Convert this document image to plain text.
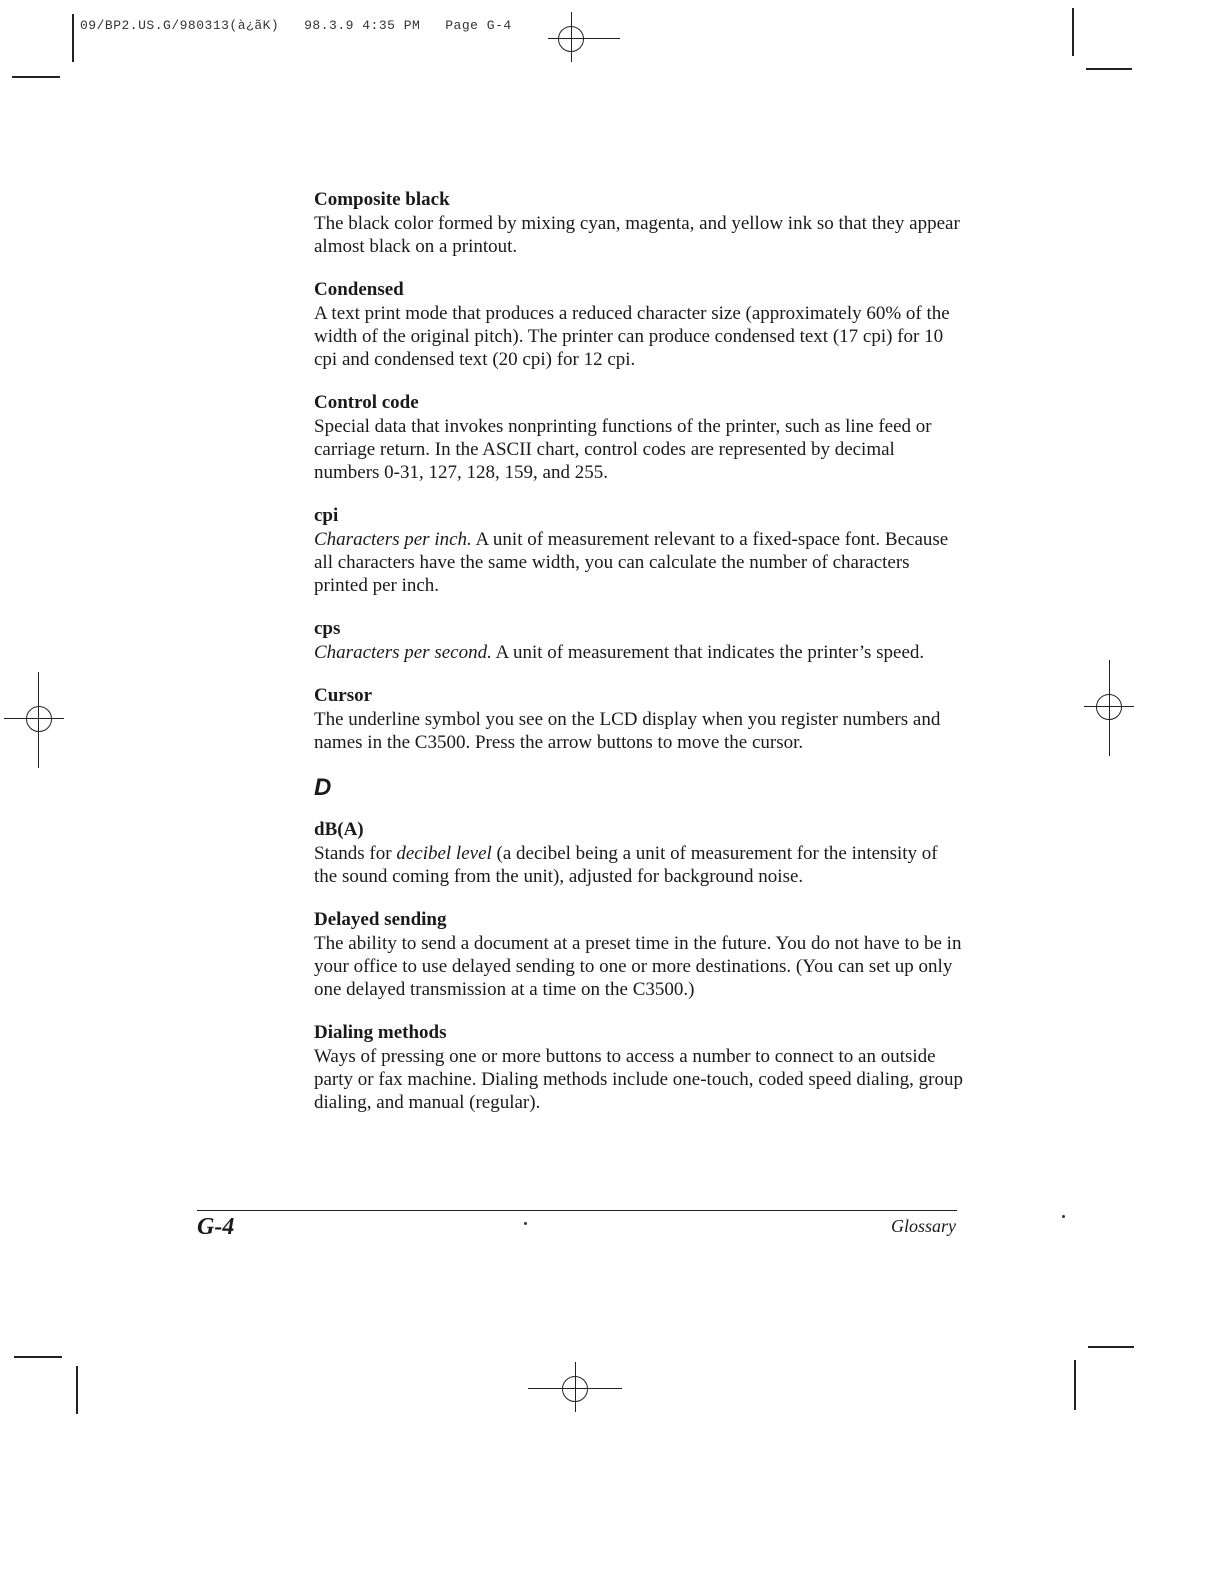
09/BP2.US.G/980313(à¿ãK)   98.3.9 4:35 PM   Page G-4
Composite black
The black color formed by mixing cyan, magenta, and yellow ink so that they appear almost black on a printout.
Condensed
A text print mode that produces a reduced character size (approximately 60% of the width of the original pitch). The printer can produce condensed text (17 cpi) for 10 cpi and condensed text (20 cpi) for 12 cpi.
Control code
Special data that invokes nonprinting functions of the printer, such as line feed or carriage return. In the ASCII chart, control codes are represented by decimal numbers 0-31, 127, 128, 159, and 255.
cpi
Characters per inch. A unit of measurement relevant to a fixed-space font. Because all characters have the same width, you can calculate the number of characters printed per inch.
cps
Characters per second. A unit of measurement that indicates the printer’s speed.
Cursor
The underline symbol you see on the LCD display when you register numbers and names in the C3500. Press the arrow buttons to move the cursor.
D
dB(A)
Stands for decibel level (a decibel being a unit of measurement for the intensity of the sound coming from the unit), adjusted for background noise.
Delayed sending
The ability to send a document at a preset time in the future. You do not have to be in your office to use delayed sending to one or more destinations. (You can set up only one delayed transmission at a time on the C3500.)
Dialing methods
Ways of pressing one or more buttons to access a number to connect to an outside party or fax machine. Dialing methods include one-touch, coded speed dialing, group dialing, and manual (regular).
G-4	Glossary
